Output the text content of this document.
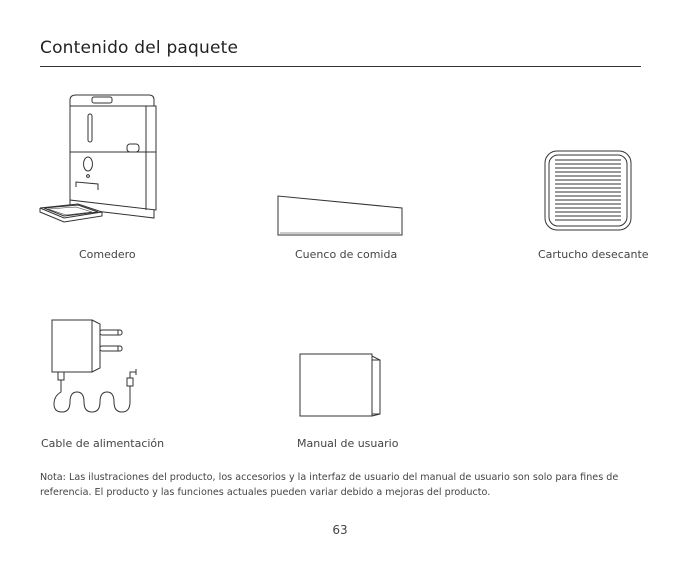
Contenido del paquete
Comedero	Cuenco de comida	Cartucho desecante
Cable de alimentación	Manual de usuario
Nota: Las ilustraciones del producto, los accesorios y la interfaz de usuario del manual de usuario son solo para fines de referencia. El producto y las funciones actuales pueden variar debido a mejoras del producto.
63
